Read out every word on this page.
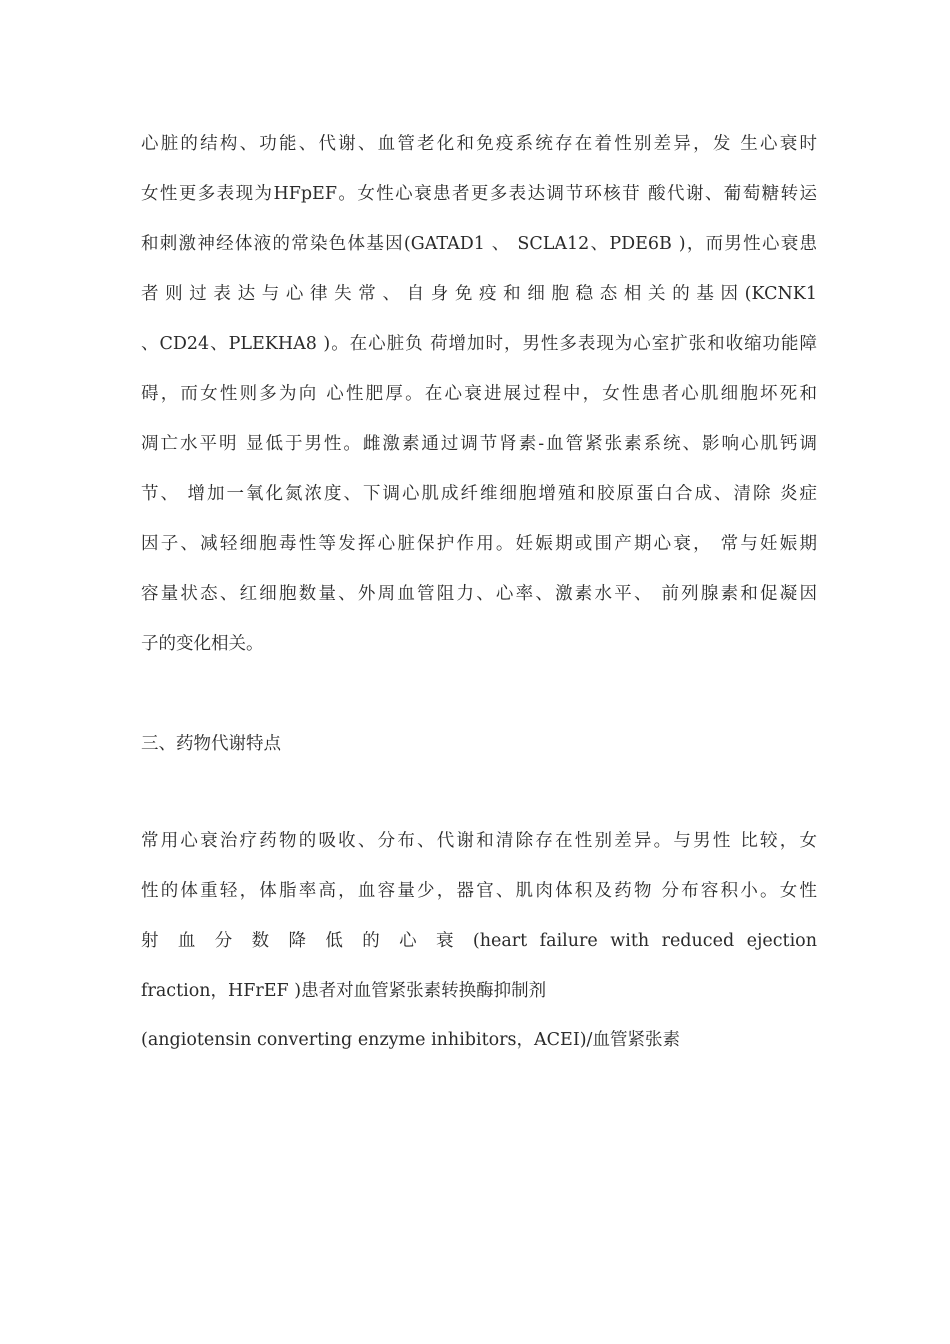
心脏的结构、功能、代谢、血管老化和免疫系统存在着性别差异，发 生心衰时
女性更多表现为HFpEF。女性心衰患者更多表达调节环核苷 酸代谢、葡萄糖转运
和刺激神经体液的常染色体基因(GATAD1 、 SCLA12、PDE6B )，而男性心衰患
者 则 过 表 达 与 心 律 失 常 、 自 身 免 疫 和 细 胞 稳 态 相 关 的 基 因 (KCNK1
、CD24、PLEKHA8 )。在心脏负 荷增加时，男性多表现为心室扩张和收缩功能障
碍，而女性则多为向 心性肥厚。在心衰进展过程中，女性患者心肌细胞坏死和
凋亡水平明 显低于男性。雌激素通过调节肾素-血管紧张素系统、影响心肌钙调
节、 增加一氧化氮浓度、下调心肌成纤维细胞增殖和胶原蛋白合成、清除 炎症
因子、减轻细胞毒性等发挥心脏保护作用。妊娠期或围产期心衰， 常与妊娠期
容量状态、红细胞数量、外周血管阻力、心率、激素水平、 前列腺素和促凝因
子的变化相关。
三、药物代谢特点
常用心衰治疗药物的吸收、分布、代谢和清除存在性别差异。与男性 比较，女
性的体重轻，体脂率高，血容量少，器官、肌肉体积及药物 分布容积小。女性
射 血 分 数 降 低 的 心 衰 (heart failure with reduced ejection
fraction，HFrEF )患者对血管紧张素转换酶抑制剂
(angiotensin converting enzyme inhibitors，ACEI)/血管紧张素
